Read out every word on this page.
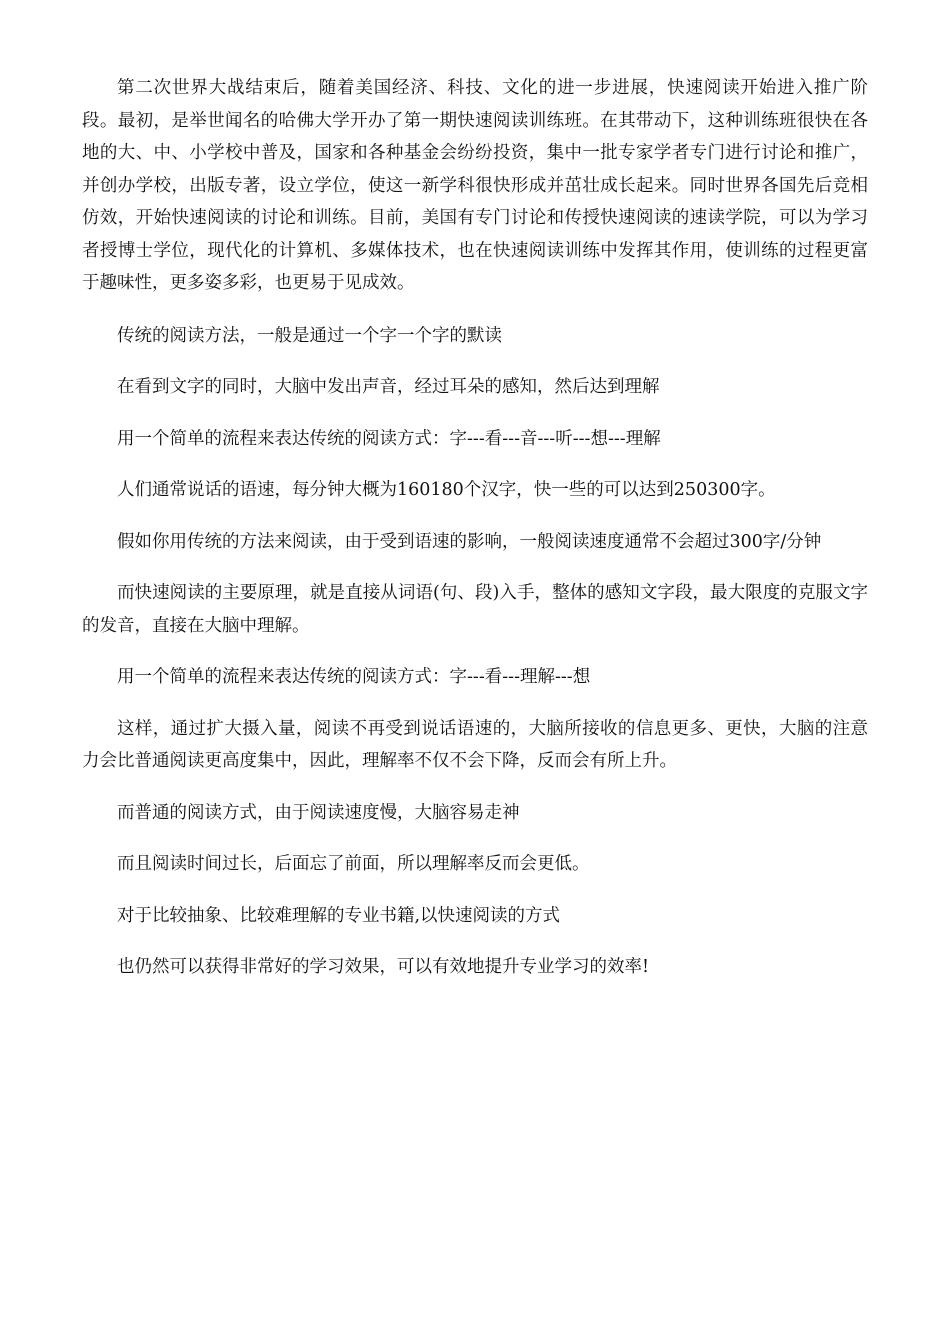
第二次世界大战结束后，随着美国经济、科技、文化的进一步进展，快速阅读开始进入推广阶段。最初，是举世闻名的哈佛大学开办了第一期快速阅读训练班。在其带动下，这种训练班很快在各地的大、中、小学校中普及，国家和各种基金会纷纷投资，集中一批专家学者专门进行讨论和推广，并创办学校，出版专著，设立学位，使这一新学科很快形成并茁壮成长起来。同时世界各国先后竞相仿效，开始快速阅读的讨论和训练。目前，美国有专门讨论和传授快速阅读的速读学院，可以为学习者授博士学位，现代化的计算机、多媒体技术，也在快速阅读训练中发挥其作用，使训练的过程更富于趣味性，更多姿多彩，也更易于见成效。

传统的阅读方法，一般是通过一个字一个字的默读

在看到文字的同时，大脑中发出声音，经过耳朵的感知，然后达到理解

用一个简单的流程来表达传统的阅读方式：字---看---音---听---想---理解

人们通常说话的语速，每分钟大概为160180个汉字，快一些的可以达到250300字。

假如你用传统的方法来阅读，由于受到语速的影响，一般阅读速度通常不会超过300字/分钟

而快速阅读的主要原理，就是直接从词语(句、段)入手，整体的感知文字段，最大限度的克服文字的发音，直接在大脑中理解。

用一个简单的流程来表达传统的阅读方式：字---看---理解---想

这样，通过扩大摄入量，阅读不再受到说话语速的，大脑所接收的信息更多、更快，大脑的注意力会比普通阅读更高度集中，因此，理解率不仅不会下降，反而会有所上升。

而普通的阅读方式，由于阅读速度慢，大脑容易走神

而且阅读时间过长，后面忘了前面，所以理解率反而会更低。

对于比较抽象、比较难理解的专业书籍,以快速阅读的方式

也仍然可以获得非常好的学习效果，可以有效地提升专业学习的效率!
